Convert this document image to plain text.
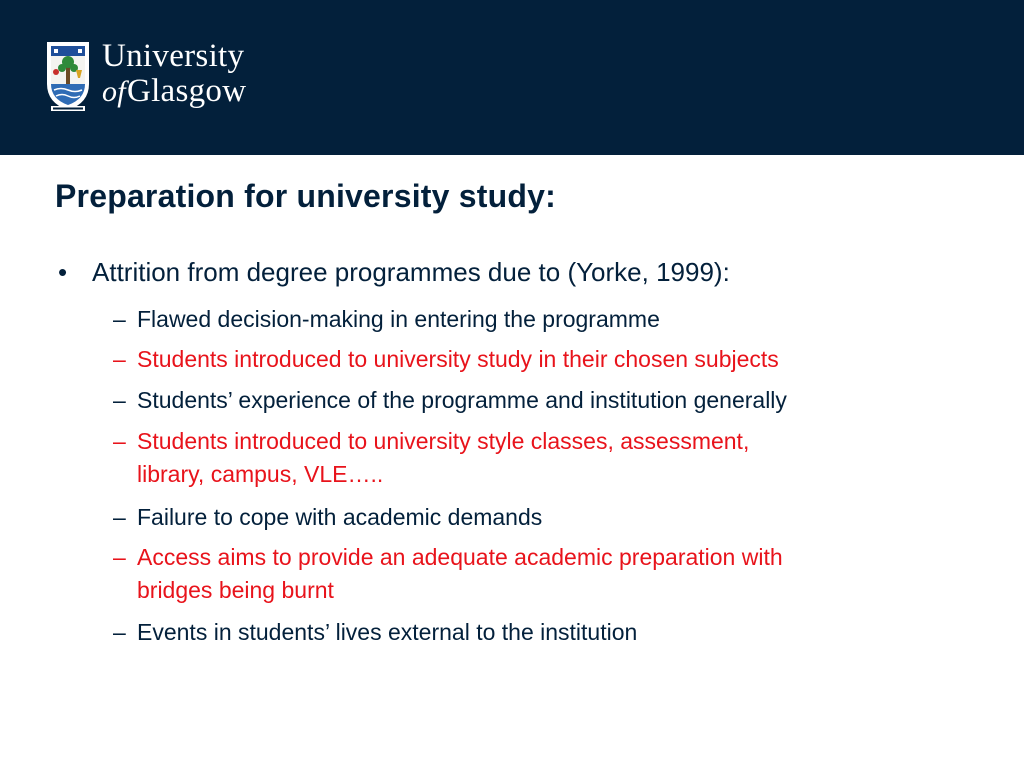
University
ofGlasgow
Preparation for university study:
• Attrition from degree programmes due to (Yorke, 1999):
– Flawed decision-making in entering the programme
– Students introduced to university study in their chosen subjects
– Students’ experience of the programme and institution generally
– Students introduced to university style classes, assessment,
library, campus, VLE…..
– Failure to cope with academic demands
– Access aims to provide an adequate academic preparation with
bridges being burnt
– Events in students’ lives external to the institution
